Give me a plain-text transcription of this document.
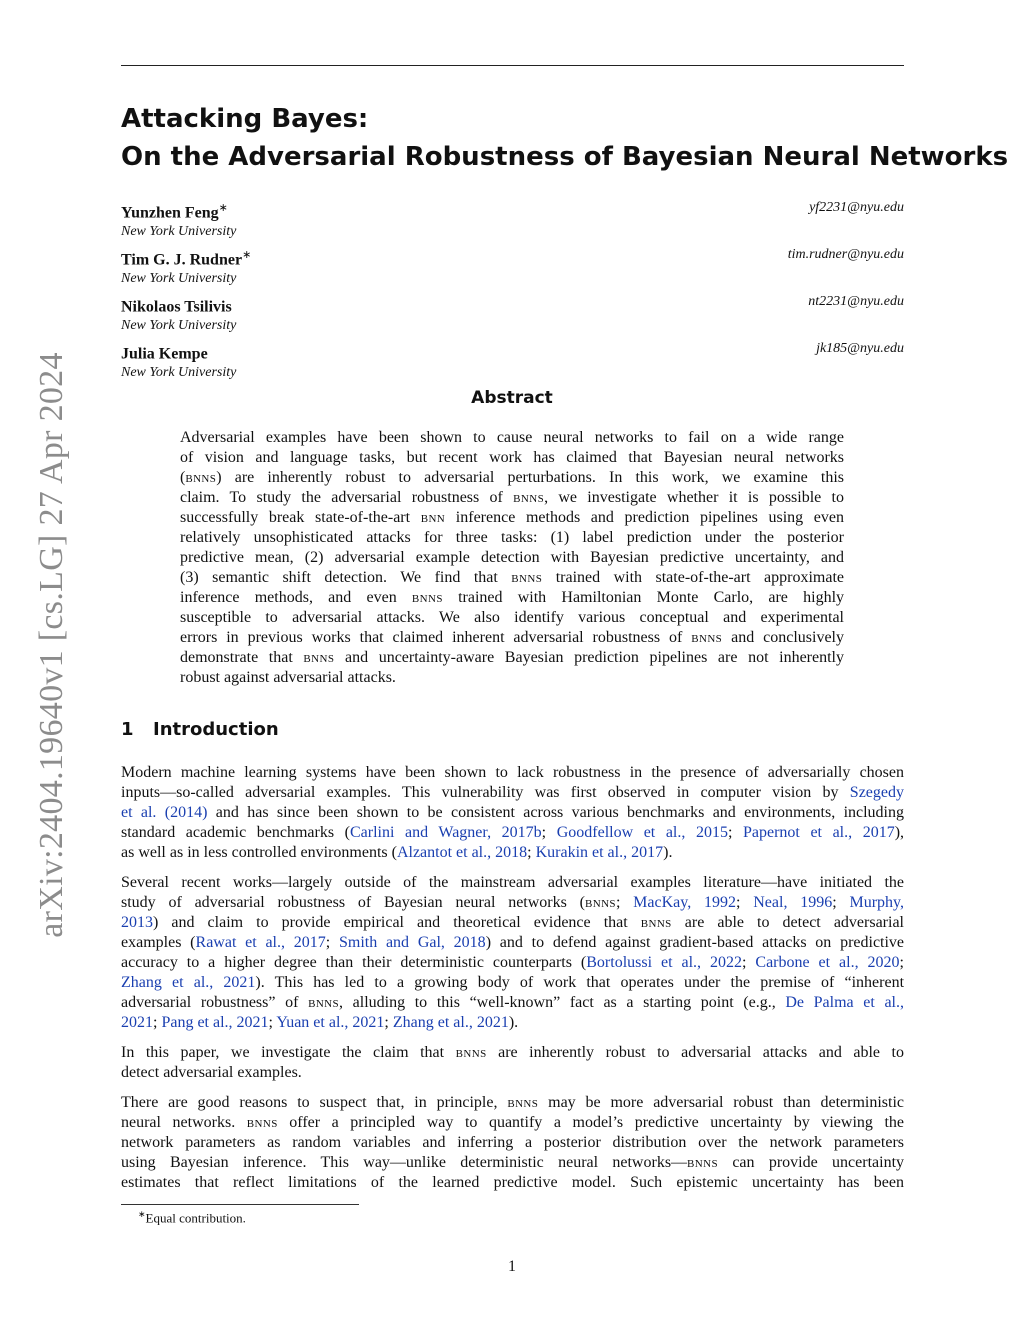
arXiv:2404.19640v1 [cs.LG] 27 Apr 2024
Attacking Bayes:
On the Adversarial Robustness of Bayesian Neural Networks
Yunzhen Feng∗
New York University
yf2231@nyu.edu
Tim G. J. Rudner∗
New York University
tim.rudner@nyu.edu
Nikolaos Tsilivis
New York University
nt2231@nyu.edu
Julia Kempe
New York University
jk185@nyu.edu
Abstract
Adversarial examples have been shown to cause neural networks to fail on a wide range
of vision and language tasks, but recent work has claimed that Bayesian neural networks
(bnns) are inherently robust to adversarial perturbations. In this work, we examine this
claim. To study the adversarial robustness of bnns, we investigate whether it is possible to
successfully break state-of-the-art bnn inference methods and prediction pipelines using even
relatively unsophisticated attacks for three tasks: (1) label prediction under the posterior
predictive mean, (2) adversarial example detection with Bayesian predictive uncertainty, and
(3) semantic shift detection. We find that bnns trained with state-of-the-art approximate
inference methods, and even bnns trained with Hamiltonian Monte Carlo, are highly
susceptible to adversarial attacks. We also identify various conceptual and experimental
errors in previous works that claimed inherent adversarial robustness of bnns and conclusively
demonstrate that bnns and uncertainty-aware Bayesian prediction pipelines are not inherently
robust against adversarial attacks.
1 Introduction
Modern machine learning systems have been shown to lack robustness in the presence of adversarially chosen
inputs—so-called adversarial examples. This vulnerability was first observed in computer vision by Szegedy
et al. (2014) and has since been shown to be consistent across various benchmarks and environments, including
standard academic benchmarks (Carlini and Wagner, 2017b; Goodfellow et al., 2015; Papernot et al., 2017),
as well as in less controlled environments (Alzantot et al., 2018; Kurakin et al., 2017).
Several recent works—largely outside of the mainstream adversarial examples literature—have initiated the
study of adversarial robustness of Bayesian neural networks (bnns; MacKay, 1992; Neal, 1996; Murphy,
2013) and claim to provide empirical and theoretical evidence that bnns are able to detect adversarial
examples (Rawat et al., 2017; Smith and Gal, 2018) and to defend against gradient-based attacks on predictive
accuracy to a higher degree than their deterministic counterparts (Bortolussi et al., 2022; Carbone et al., 2020;
Zhang et al., 2021). This has led to a growing body of work that operates under the premise of “inherent
adversarial robustness” of bnns, alluding to this “well-known” fact as a starting point (e.g., De Palma et al.,
2021; Pang et al., 2021; Yuan et al., 2021; Zhang et al., 2021).
In this paper, we investigate the claim that bnns are inherently robust to adversarial attacks and able to
detect adversarial examples.
There are good reasons to suspect that, in principle, bnns may be more adversarial robust than deterministic
neural networks. bnns offer a principled way to quantify a model’s predictive uncertainty by viewing the
network parameters as random variables and inferring a posterior distribution over the network parameters
using Bayesian inference. This way—unlike deterministic neural networks—bnns can provide uncertainty
estimates that reflect limitations of the learned predictive model. Such epistemic uncertainty has been
∗Equal contribution.
1
